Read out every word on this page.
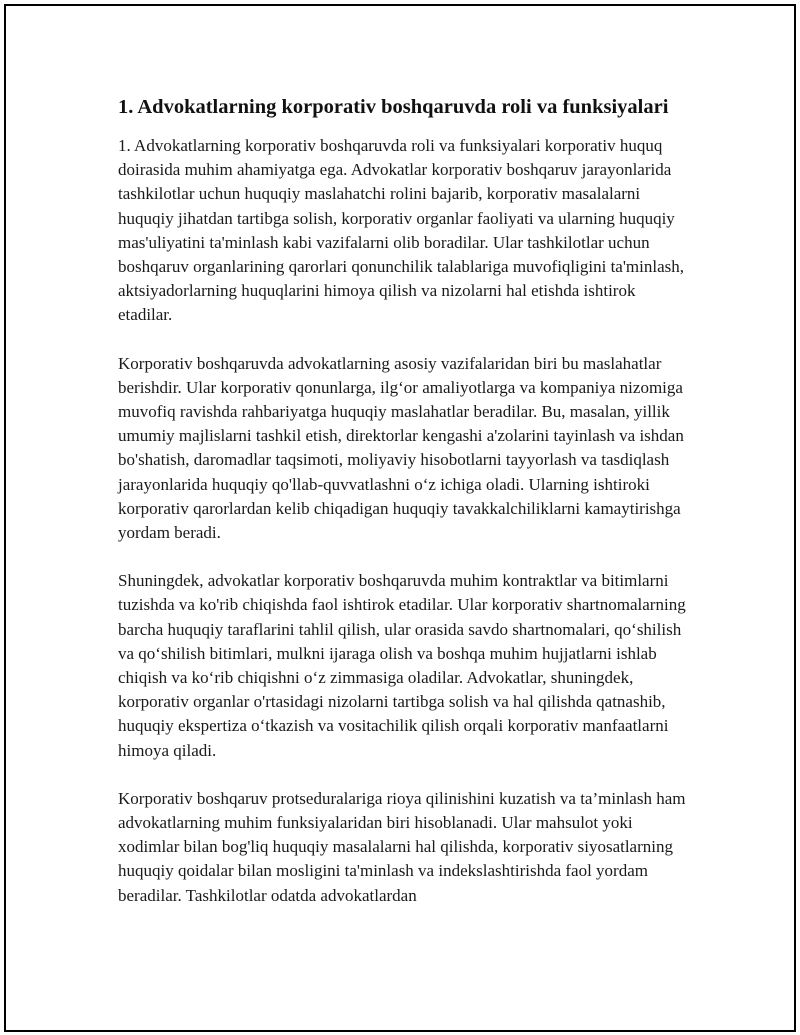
1. Advokatlarning korporativ boshqaruvda roli va funksiyalari

1. Advokatlarning korporativ boshqaruvda roli va funksiyalari korporativ huquq doirasida muhim ahamiyatga ega. Advokatlar korporativ boshqaruv jarayonlarida tashkilotlar uchun huquqiy maslahatchi rolini bajarib, korporativ masalalarni huquqiy jihatdan tartibga solish, korporativ organlar faoliyati va ularning huquqiy mas'uliyatini ta'minlash kabi vazifalarni olib boradilar. Ular tashkilotlar uchun boshqaruv organlarining qarorlari qonunchilik talablariga muvofiqligini ta'minlash, aktsiyadorlarning huquqlarini himoya qilish va nizolarni hal etishda ishtirok etadilar.

Korporativ boshqaruvda advokatlarning asosiy vazifalaridan biri bu maslahatlar berishdir. Ular korporativ qonunlarga, ilg‘or amaliyotlarga va kompaniya nizomiga muvofiq ravishda rahbariyatga huquqiy maslahatlar beradilar. Bu, masalan, yillik umumiy majlislarni tashkil etish, direktorlar kengashi a'zolarini tayinlash va ishdan bo'shatish, daromadlar taqsimoti, moliyaviy hisobotlarni tayyorlash va tasdiqlash jarayonlarida huquqiy qo'llab-quvvatlashni o‘z ichiga oladi. Ularning ishtiroki korporativ qarorlardan kelib chiqadigan huquqiy tavakkalchiliklarni kamaytirishga yordam beradi.

Shuningdek, advokatlar korporativ boshqaruvda muhim kontraktlar va bitimlarni tuzishda va ko'rib chiqishda faol ishtirok etadilar. Ular korporativ shartnomalarning barcha huquqiy taraflarini tahlil qilish, ular orasida savdo shartnomalari, qo‘shilish va qo‘shilish bitimlari, mulkni ijaraga olish va boshqa muhim hujjatlarni ishlab chiqish va ko‘rib chiqishni o‘z zimmasiga oladilar. Advokatlar, shuningdek, korporativ organlar o'rtasidagi nizolarni tartibga solish va hal qilishda qatnashib, huquqiy ekspertiza o‘tkazish va vositachilik qilish orqali korporativ manfaatlarni himoya qiladi.

Korporativ boshqaruv protseduralariga rioya qilinishini kuzatish va ta’minlash ham advokatlarning muhim funksiyalaridan biri hisoblanadi. Ular mahsulot yoki xodimlar bilan bog'liq huquqiy masalalarni hal qilishda, korporativ siyosatlarning huquqiy qoidalar bilan mosligini ta'minlash va indekslashtirishda faol yordam beradilar. Tashkilotlar odatda advokatlardan
